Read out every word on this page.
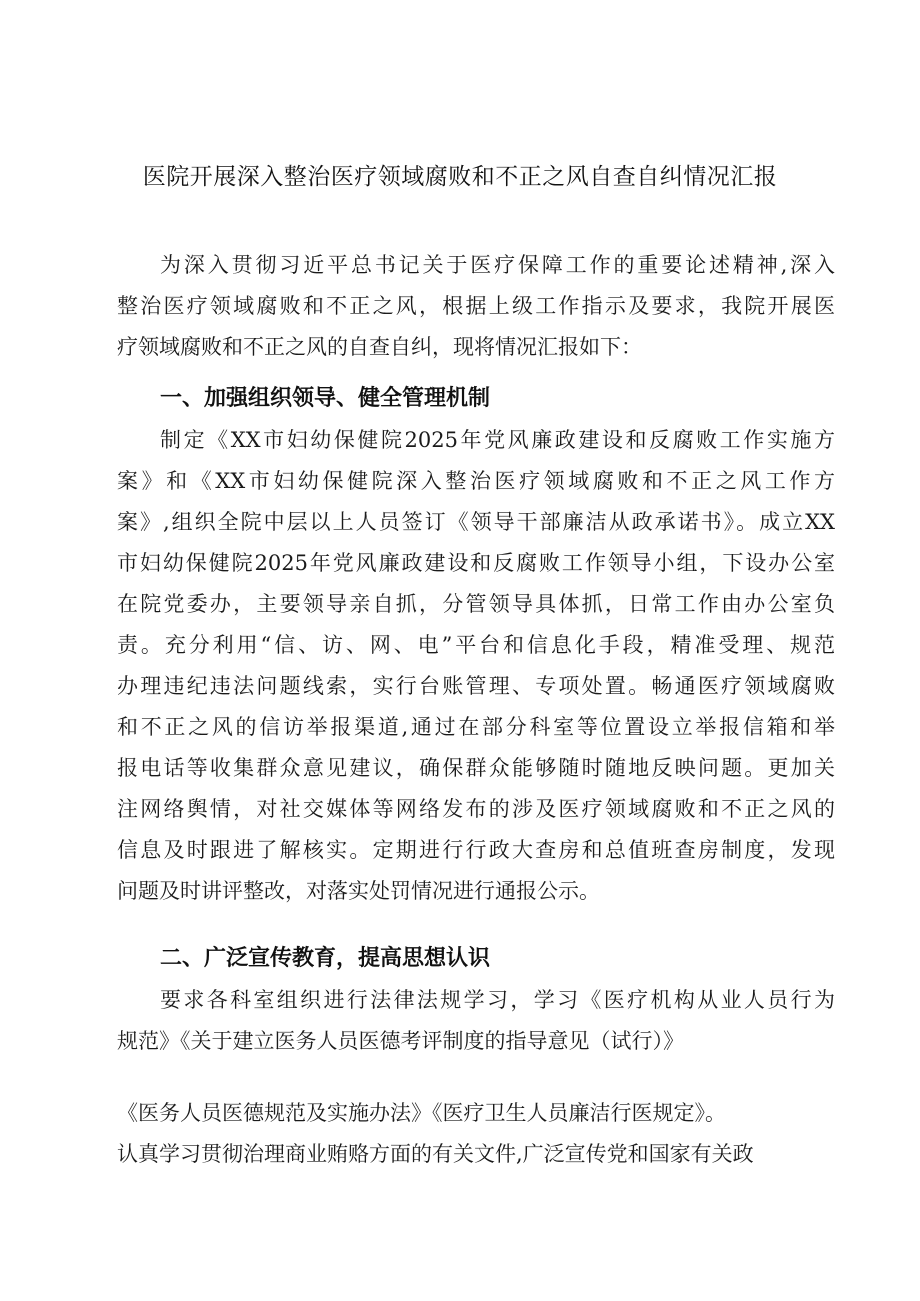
医院开展深入整治医疗领域腐败和不正之风自查自纠情况汇报
为深入贯彻习近平总书记关于医疗保障工作的重要论述精神,深入
整治医疗领域腐败和不正之风，根据上级工作指示及要求，我院开展医
疗领域腐败和不正之风的自查自纠，现将情况汇报如下：
一、加强组织领导、健全管理机制
制定《XX市妇幼保健院2025年党风廉政建设和反腐败工作实施方
案》和《XX市妇幼保健院深入整治医疗领域腐败和不正之风工作方
案》,组织全院中层以上人员签订《领导干部廉洁从政承诺书》。成立XX
市妇幼保健院2025年党风廉政建设和反腐败工作领导小组，下设办公室
在院党委办，主要领导亲自抓，分管领导具体抓，日常工作由办公室负
责。充分利用“信、访、网、电”平台和信息化手段，精准受理、规范
办理违纪违法问题线索，实行台账管理、专项处置。畅通医疗领域腐败
和不正之风的信访举报渠道,通过在部分科室等位置设立举报信箱和举
报电话等收集群众意见建议，确保群众能够随时随地反映问题。更加关
注网络舆情，对社交媒体等网络发布的涉及医疗领域腐败和不正之风的
信息及时跟进了解核实。定期进行行政大查房和总值班查房制度，发现
问题及时讲评整改，对落实处罚情况进行通报公示。
二、广泛宣传教育，提高思想认识
要求各科室组织进行法律法规学习，学习《医疗机构从业人员行为
规范》《关于建立医务人员医德考评制度的指导意见（试行）》
《医务人员医德规范及实施办法》《医疗卫生人员廉洁行医规定》。
认真学习贯彻治理商业贿赂方面的有关文件,广泛宣传党和国家有关政
